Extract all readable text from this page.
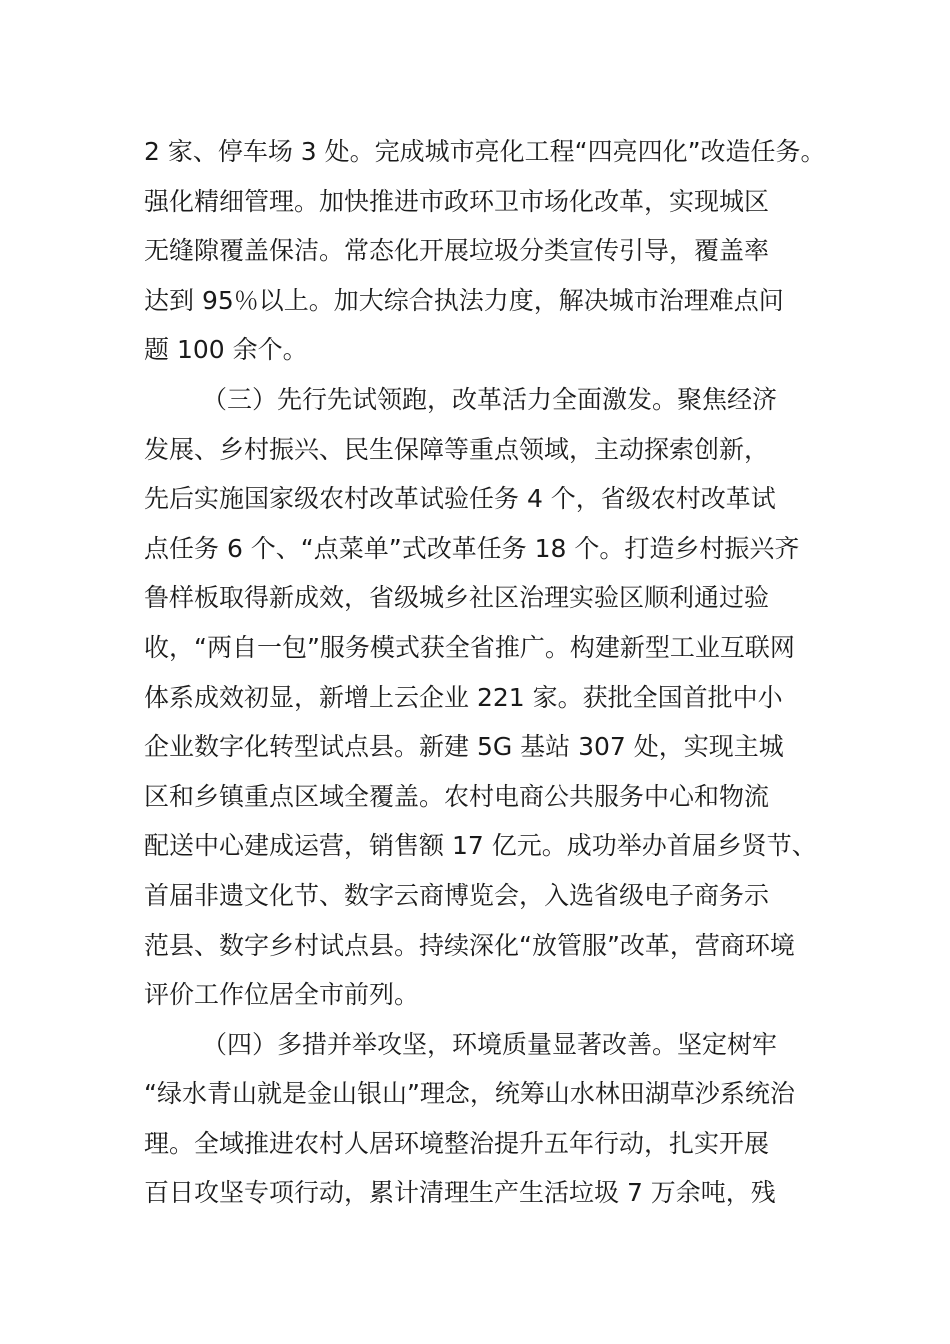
2 家、停车场 3 处。完成城市亮化工程“四亮四化”改造任务。
强化精细管理。加快推进市政环卫市场化改革，实现城区
无缝隙覆盖保洁。常态化开展垃圾分类宣传引导，覆盖率
达到 95％以上。加大综合执法力度，解决城市治理难点问
题 100 余个。
（三）先行先试领跑，改革活力全面激发。聚焦经济
发展、乡村振兴、民生保障等重点领域，主动探索创新，
先后实施国家级农村改革试验任务 4 个，省级农村改革试
点任务 6 个、“点菜单”式改革任务 18 个。打造乡村振兴齐
鲁样板取得新成效，省级城乡社区治理实验区顺利通过验
收，“两自一包”服务模式获全省推广。构建新型工业互联网
体系成效初显，新增上云企业 221 家。获批全国首批中小
企业数字化转型试点县。新建 5G 基站 307 处，实现主城
区和乡镇重点区域全覆盖。农村电商公共服务中心和物流
配送中心建成运营，销售额 17 亿元。成功举办首届乡贤节、
首届非遗文化节、数字云商博览会，入选省级电子商务示
范县、数字乡村试点县。持续深化“放管服”改革，营商环境
评价工作位居全市前列。
（四）多措并举攻坚，环境质量显著改善。坚定树牢
“绿水青山就是金山银山”理念，统筹山水林田湖草沙系统治
理。全域推进农村人居环境整治提升五年行动，扎实开展
百日攻坚专项行动，累计清理生产生活垃圾 7 万余吨，残
